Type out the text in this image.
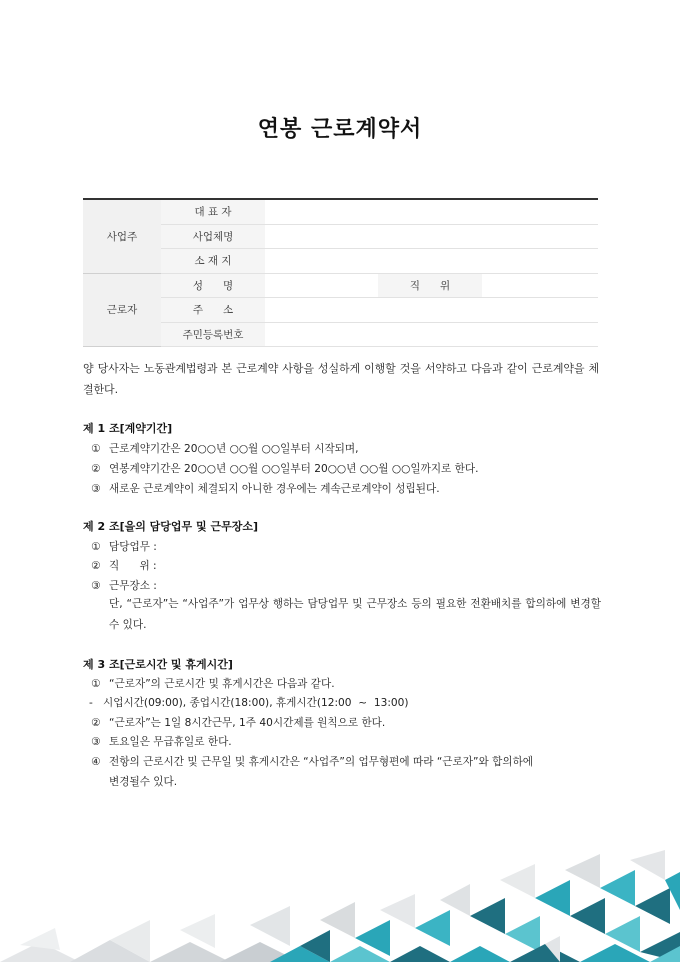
연봉 근로계약서
사업주	대 표 자			
	사업체명			
	소 재 지			
근로자	성      명		직      위	
	주      소			
	주민등록번호			
양 당사자는 노동관계법령과 본 근로계약 사항을 성실하게 이행할 것을 서약하고 다음과 같이 근로계약을 체결한다.
제 1 조[계약기간]
① 근로계약기간은 20○○년 ○○월 ○○일부터 시작되며,
② 연봉계약기간은 20○○년 ○○월 ○○일부터 20○○년 ○○월 ○○일까지로 한다.
③ 새로운 근로계약이 체결되지 아니한 경우에는 계속근로계약이 성립된다.
제 2 조[을의 담당업무 및 근무장소]
① 담당업무 :
② 직      위 :
③ 근무장소 :
단, “근로자”는 “사업주”가 업무상 행하는 담당업무 및 근무장소 등의 필요한 전환배치를 합의하에 변경할 수 있다.
제 3 조[근로시간 및 휴게시간]
① “근로자”의 근로시간 및 휴게시간은 다음과 같다.
- 시업시간(09:00), 종업시간(18:00), 휴게시간(12:00  ~  13:00)
② “근로자”는 1일 8시간근무, 1주 40시간제를 원칙으로 한다.
③ 토요일은 무급휴일로 한다.
④ 전항의 근로시간 및 근무일 및 휴게시간은 “사업주”의 업무형편에 따라 “근로자”와 합의하에
변경될수 있다.
